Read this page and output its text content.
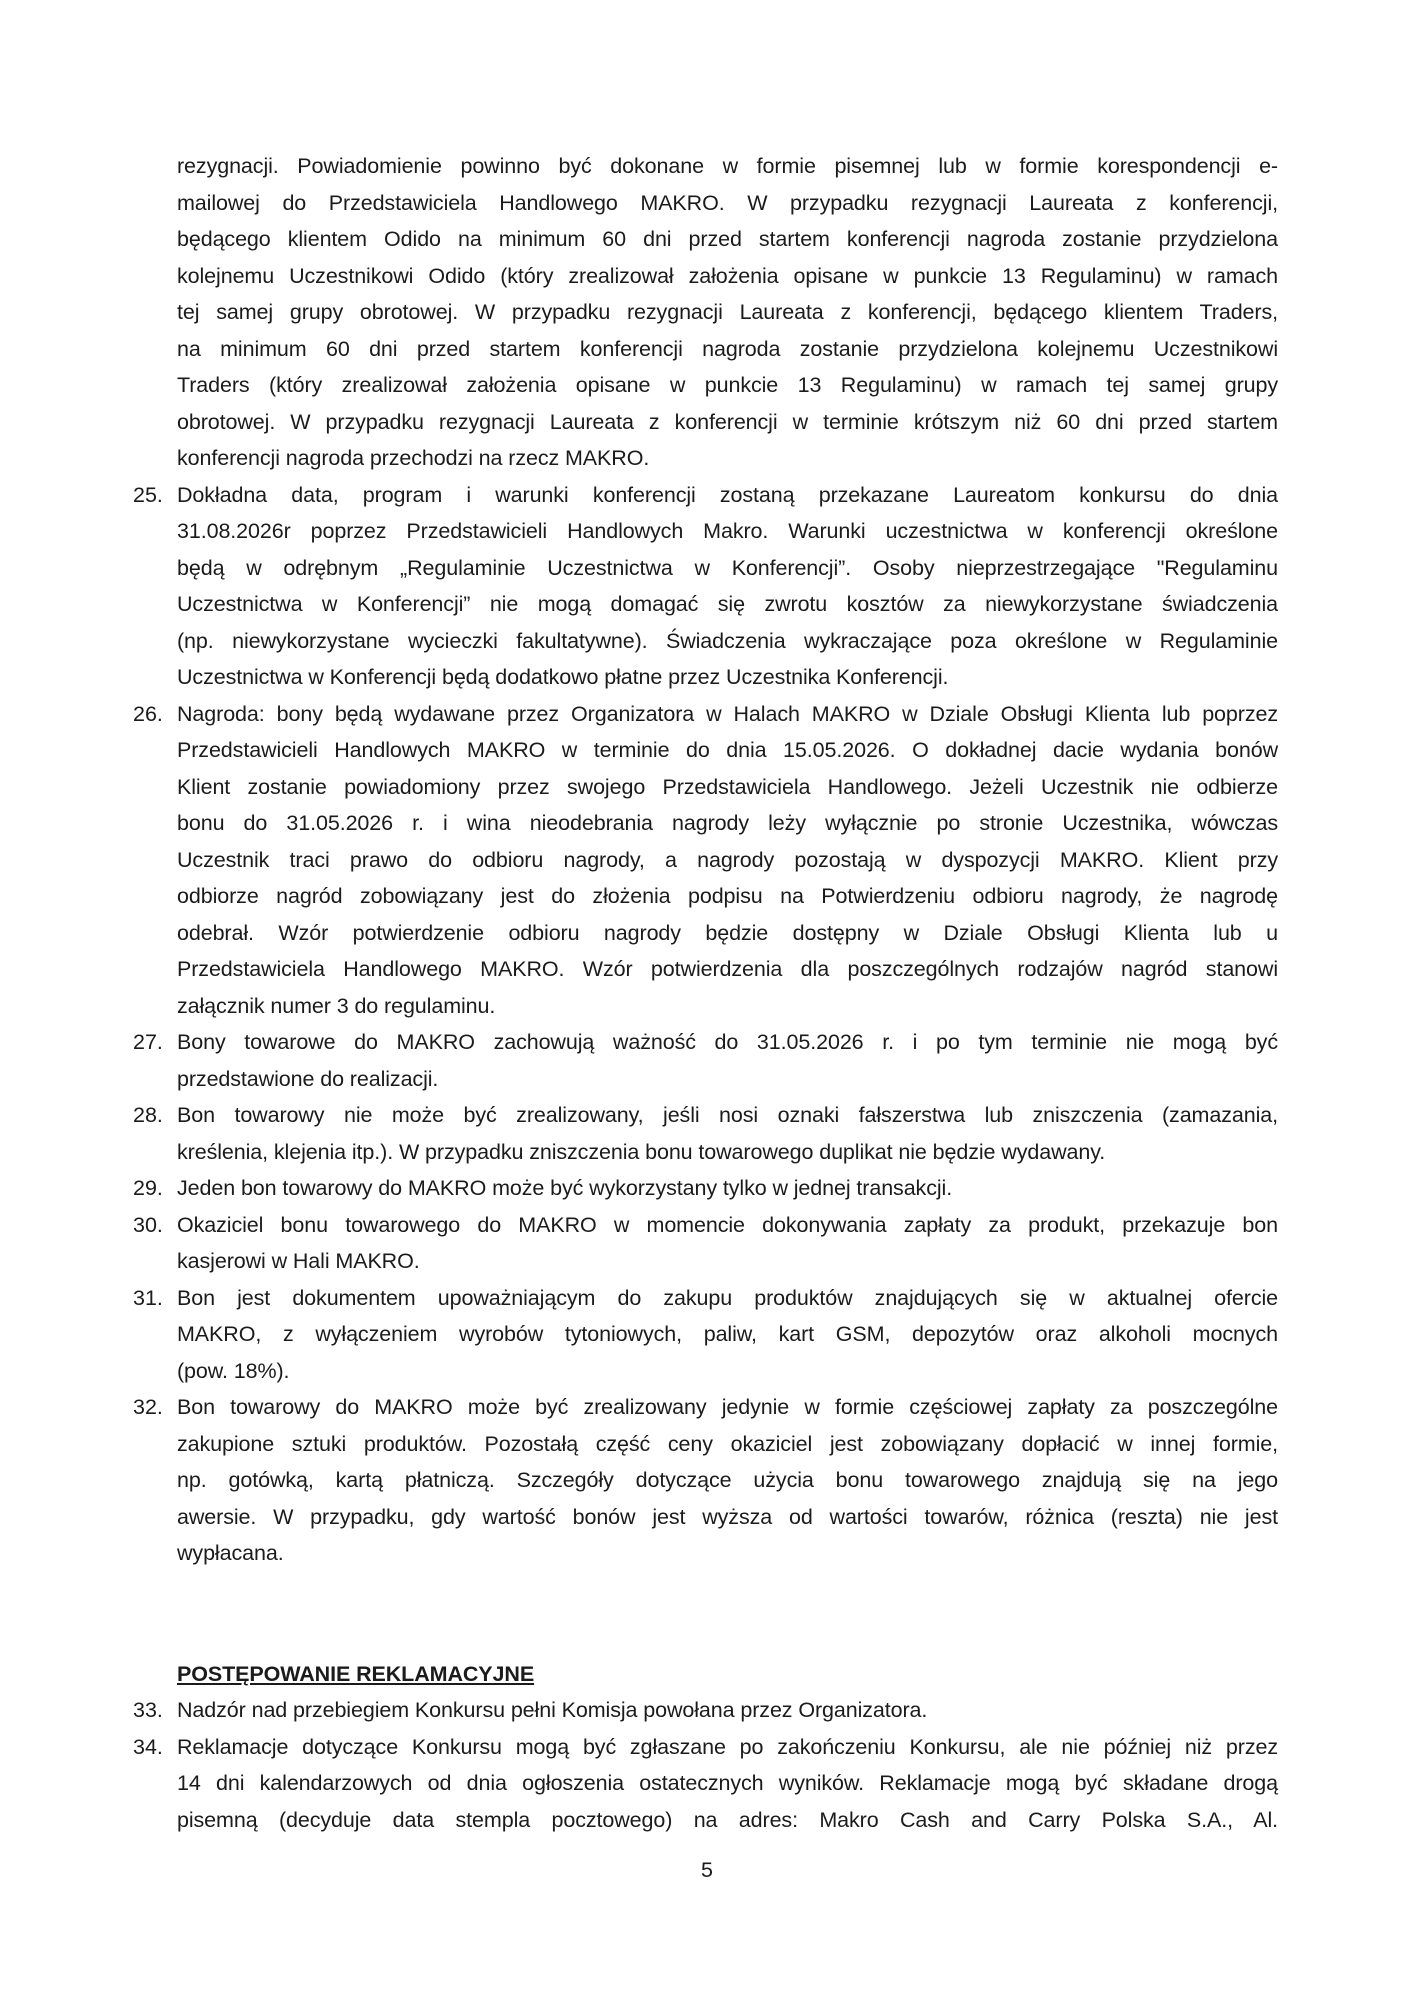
rezygnacji. Powiadomienie powinno być dokonane w formie pisemnej lub w formie korespondencji e-
mailowej do Przedstawiciela Handlowego MAKRO. W przypadku rezygnacji Laureata z konferencji,
będącego klientem Odido na minimum 60 dni przed startem konferencji nagroda zostanie przydzielona
kolejnemu Uczestnikowi Odido (który zrealizował założenia opisane w punkcie 13 Regulaminu) w ramach
tej samej grupy obrotowej. W przypadku rezygnacji Laureata z konferencji, będącego klientem Traders,
na minimum 60 dni przed startem konferencji nagroda zostanie przydzielona kolejnemu Uczestnikowi
Traders (który zrealizował założenia opisane w punkcie 13 Regulaminu) w ramach tej samej grupy
obrotowej. W przypadku rezygnacji Laureata z konferencji w terminie krótszym niż 60 dni przed startem
konferencji nagroda przechodzi na rzecz MAKRO.
25. Dokładna data, program i warunki konferencji zostaną przekazane Laureatom konkursu do dnia
31.08.2026r poprzez Przedstawicieli Handlowych Makro. Warunki uczestnictwa w konferencji określone
będą w odrębnym „Regulaminie Uczestnictwa w Konferencji”. Osoby nieprzestrzegające "Regulaminu
Uczestnictwa w Konferencji” nie mogą domagać się zwrotu kosztów za niewykorzystane świadczenia
(np. niewykorzystane wycieczki fakultatywne). Świadczenia wykraczające poza określone w Regulaminie
Uczestnictwa w Konferencji będą dodatkowo płatne przez Uczestnika Konferencji.
26. Nagroda: bony będą wydawane przez Organizatora w Halach MAKRO w Dziale Obsługi Klienta lub poprzez
Przedstawicieli Handlowych MAKRO w terminie do dnia 15.05.2026. O dokładnej dacie wydania bonów
Klient zostanie powiadomiony przez swojego Przedstawiciela Handlowego. Jeżeli Uczestnik nie odbierze
bonu do 31.05.2026 r. i wina nieodebrania nagrody leży wyłącznie po stronie Uczestnika, wówczas
Uczestnik traci prawo do odbioru nagrody, a nagrody pozostają w dyspozycji MAKRO. Klient przy
odbiorze nagród zobowiązany jest do złożenia podpisu na Potwierdzeniu odbioru nagrody, że nagrodę
odebrał. Wzór potwierdzenie odbioru nagrody będzie dostępny w Dziale Obsługi Klienta lub u
Przedstawiciela Handlowego MAKRO. Wzór potwierdzenia dla poszczególnych rodzajów nagród stanowi
załącznik numer 3 do regulaminu.
27. Bony towarowe do MAKRO zachowują ważność do 31.05.2026 r. i po tym terminie nie mogą być
przedstawione do realizacji.
28. Bon towarowy nie może być zrealizowany, jeśli nosi oznaki fałszerstwa lub zniszczenia (zamazania,
kreślenia, klejenia itp.). W przypadku zniszczenia bonu towarowego duplikat nie będzie wydawany.
29. Jeden bon towarowy do MAKRO może być wykorzystany tylko w jednej transakcji.
30. Okaziciel bonu towarowego do MAKRO w momencie dokonywania zapłaty za produkt, przekazuje bon
kasjerowi w Hali MAKRO.
31. Bon jest dokumentem upoważniającym do zakupu produktów znajdujących się w aktualnej ofercie
MAKRO, z wyłączeniem wyrobów tytoniowych, paliw, kart GSM, depozytów oraz alkoholi mocnych
(pow. 18%).
32. Bon towarowy do MAKRO może być zrealizowany jedynie w formie częściowej zapłaty za poszczególne
zakupione sztuki produktów. Pozostałą część ceny okaziciel jest zobowiązany dopłacić w innej formie,
np. gotówką, kartą płatniczą. Szczegóły dotyczące użycia bonu towarowego znajdują się na jego
awersie. W przypadku, gdy wartość bonów jest wyższa od wartości towarów, różnica (reszta) nie jest
wypłacana.
POSTĘPOWANIE REKLAMACYJNE
33. Nadzór nad przebiegiem Konkursu pełni Komisja powołana przez Organizatora.
34. Reklamacje dotyczące Konkursu mogą być zgłaszane po zakończeniu Konkursu, ale nie później niż przez
14 dni kalendarzowych od dnia ogłoszenia ostatecznych wyników. Reklamacje mogą być składane drogą
pisemną (decyduje data stempla pocztowego) na adres: Makro Cash and Carry Polska S.A., Al.
5
